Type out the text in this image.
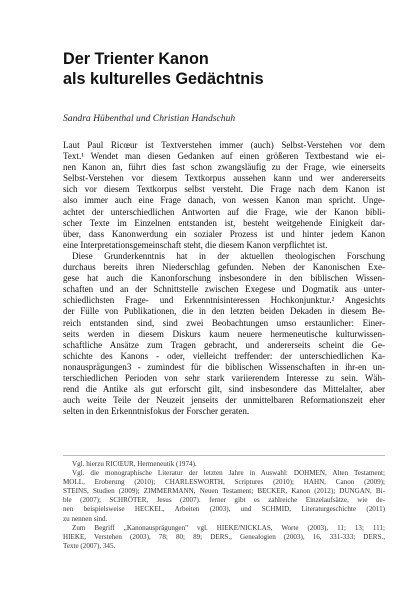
Der Trienter Kanon
als kulturelles Gedächtnis
Sandra Hübenthal und Christian Handschuh
Laut Paul Ricœur ist Textverstehen immer (auch) Selbst-Verstehen vor dem
Text.¹ Wendet man diesen Gedanken auf einen größeren Textbestand wie ei-
nen Kanon an, führt dies fast schon zwangsläufig zu der Frage, wie einerseits
Selbst-Verstehen vor diesem Textkorpus aussehen kann und wer andererseits
sich vor diesem Textkorpus selbst versteht. Die Frage nach dem Kanon ist
also immer auch eine Frage danach, von wessen Kanon man spricht. Unge-
achtet der unterschiedlichen Antworten auf die Frage, wie der Kanon bibli-
scher Texte im Einzelnen entstanden ist, besteht weitgehende Einigkeit dar-
über, dass Kanonwerdung ein sozialer Prozess ist und hinter jedem Kanon
eine Interpretationsgemeinschaft steht, die diesem Kanon verpflichtet ist.
Diese Grunderkenntnis hat in der aktuellen theologischen Forschung
durchaus bereits ihren Niederschlag gefunden. Neben der Kanonischen Exe-
gese hat auch die Kanonforschung insbesondere in den biblischen Wissen-
schaften und an der Schnittstelle zwischen Exegese und Dogmatik aus unter-
schiedlichsten Frage- und Erkenntnisinteressen Hochkonjunktur.² Angesichts
der Fülle von Publikationen, die in den letzten beiden Dekaden in diesem Be-
reich entstanden sind, sind zwei Beobachtungen umso erstaunlicher: Einer-
seits werden in diesem Diskurs kaum neuere hermeneutische kulturwissen-
schaftliche Ansätze zum Tragen gebracht, und andererseits scheint die Ge-
schichte des Kanons - oder, vielleicht treffender: der unterschiedlichen Ka-
nonausprägungen3 - zumindest für die biblischen Wissenschaften in ihr-en un-
terschiedlichen Perioden von sehr stark variierendem Interesse zu sein. Wäh-
rend die Antike als gut erforscht gilt, sind insbesondere das Mittelalter, aber
auch weite Teile der Neuzeit jenseits der unmittelbaren Reformationszeit eher
selten in den Erkenntnisfokus der Forscher geraten.
Vgl. hierzu RICŒUR, Hermeneutik (1974).
Vgl. die monographische Literatur der letzten Jahre in Auswahl: DOHMEN, Alten Testament;
MOLL, Eroberung (2010); CHARLESWORTH, Scriptures (2010); HAHN, Canon (2009);
STEINS, Studien (2009); ZIMMERMANN, Neuen Testament; BECKER, Kanon (2012); DUNGAN, Bi-
ble (2007); SCHRÖTER, Jesus (2007). ferner gibt es zahlreiche Einzelaufsätze, wie de-
nen beispielsweise HECKEL, Arbeiten (2003), und SCHMID, Literaturgeschichte (2011)
zu nennen sind.
Zum Begriff „Kanonausprägungen" vgl. HIEKE/NICKLAS, Worte (2003), 11; 13; 111;
HIEKE, Verstehen (2003), 78; 80; 89; DERS., Genealogien (2003), 16, 331-333; DERS.,
Texte (2007), 345.
